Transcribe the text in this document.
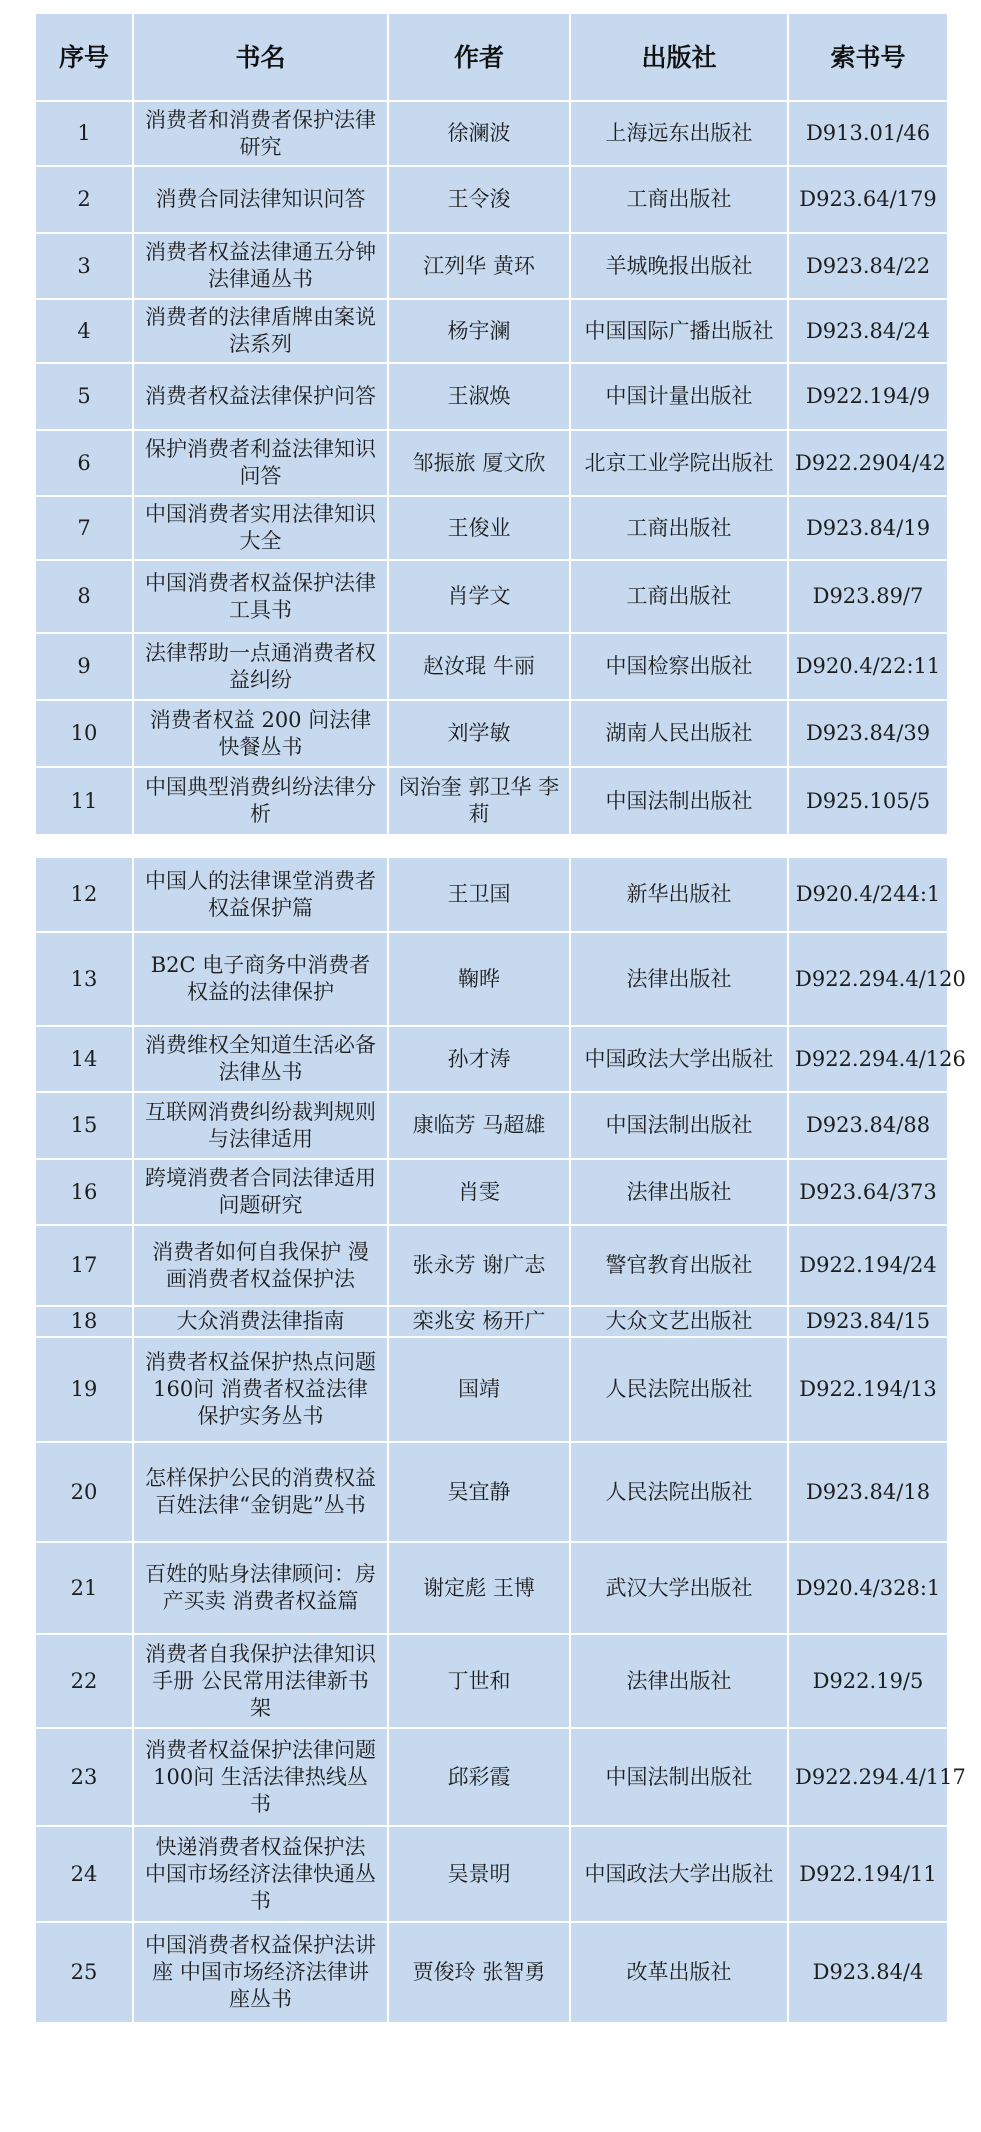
序号	书名	作者	出版社	索书号
1	消费者和消费者保护法律研究	徐澜波	上海远东出版社	D913.01/46
2	消费合同法律知识问答	王令浚	工商出版社	D923.64/179
3	消费者权益法律通五分钟法律通丛书	江列华 黄环	羊城晚报出版社	D923.84/22
4	消费者的法律盾牌由案说法系列	杨宇澜	中国国际广播出版社	D923.84/24
5	消费者权益法律保护问答	王淑焕	中国计量出版社	D922.194/9
6	保护消费者利益法律知识问答	邹振旅 厦文欣	北京工业学院出版社	D922.2904/42
7	中国消费者实用法律知识大全	王俊业	工商出版社	D923.84/19
8	中国消费者权益保护法律工具书	肖学文	工商出版社	D923.89/7
9	法律帮助一点通消费者权益纠纷	赵汝琨 牛丽	中国检察出版社	D920.4/22:11
10	消费者权益 200 问法律快餐丛书	刘学敏	湖南人民出版社	D923.84/39
11	中国典型消费纠纷法律分析	闵治奎 郭卫华 李莉	中国法制出版社	D925.105/5
12	中国人的法律课堂消费者权益保护篇	王卫国	新华出版社	D920.4/244:1
13	B2C 电子商务中消费者权益的法律保护	鞠晔	法律出版社	D922.294.4/120
14	消费维权全知道生活必备法律丛书	孙才涛	中国政法大学出版社	D922.294.4/126
15	互联网消费纠纷裁判规则与法律适用	康临芳 马超雄	中国法制出版社	D923.84/88
16	跨境消费者合同法律适用问题研究	肖雯	法律出版社	D923.64/373
17	消费者如何自我保护 漫画消费者权益保护法	张永芳 谢广志	警官教育出版社	D922.194/24
18	大众消费法律指南	栾兆安 杨开广	大众文艺出版社	D923.84/15
19	消费者权益保护热点问题160问 消费者权益法律保护实务丛书	国靖	人民法院出版社	D922.194/13
20	怎样保护公民的消费权益 百姓法律“金钥匙”丛书	吴宜静	人民法院出版社	D923.84/18
21	百姓的贴身法律顾问：房产买卖 消费者权益篇	谢定彪 王博	武汉大学出版社	D920.4/328:1
22	消费者自我保护法律知识手册 公民常用法律新书架	丁世和	法律出版社	D922.19/5
23	消费者权益保护法律问题100问 生活法律热线丛书	邱彩霞	中国法制出版社	D922.294.4/117
24	快递消费者权益保护法 中国市场经济法律快通丛书	吴景明	中国政法大学出版社	D922.194/11
25	中国消费者权益保护法讲座 中国市场经济法律讲座丛书	贾俊玲 张智勇	改革出版社	D923.84/4
